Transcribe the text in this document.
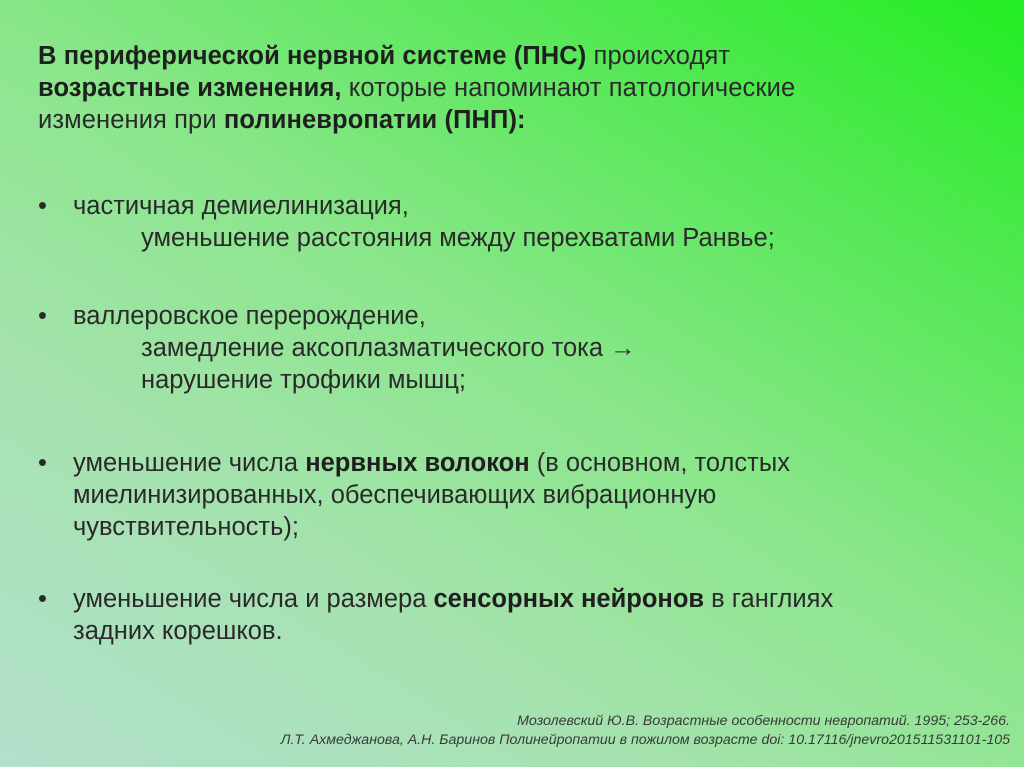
В периферической нервной системе (ПНС) происходят
возрастные изменения, которые напоминают патологические
изменения при полиневропатии (ПНП):
•	частичная демиелинизация,
уменьшение расстояния между перехватами Ранвье;
•	валлеровское перерождение,
замедление аксоплазматического тока →
нарушение трофики мышц;
•	уменьшение числа нервных волокон (в основном, толстых
миелинизированных, обеспечивающих вибрационную
чувствительность);
•	уменьшение числа и размера сенсорных нейронов в ганглиях
задних корешков.
Мозолевский Ю.В. Возрастные особенности невропатий. 1995; 253-266.
Л.Т. Ахмеджанова, А.Н. Баринов Полинейропатии в пожилом возрасте doi: 10.17116/jnevro201511531101-105
